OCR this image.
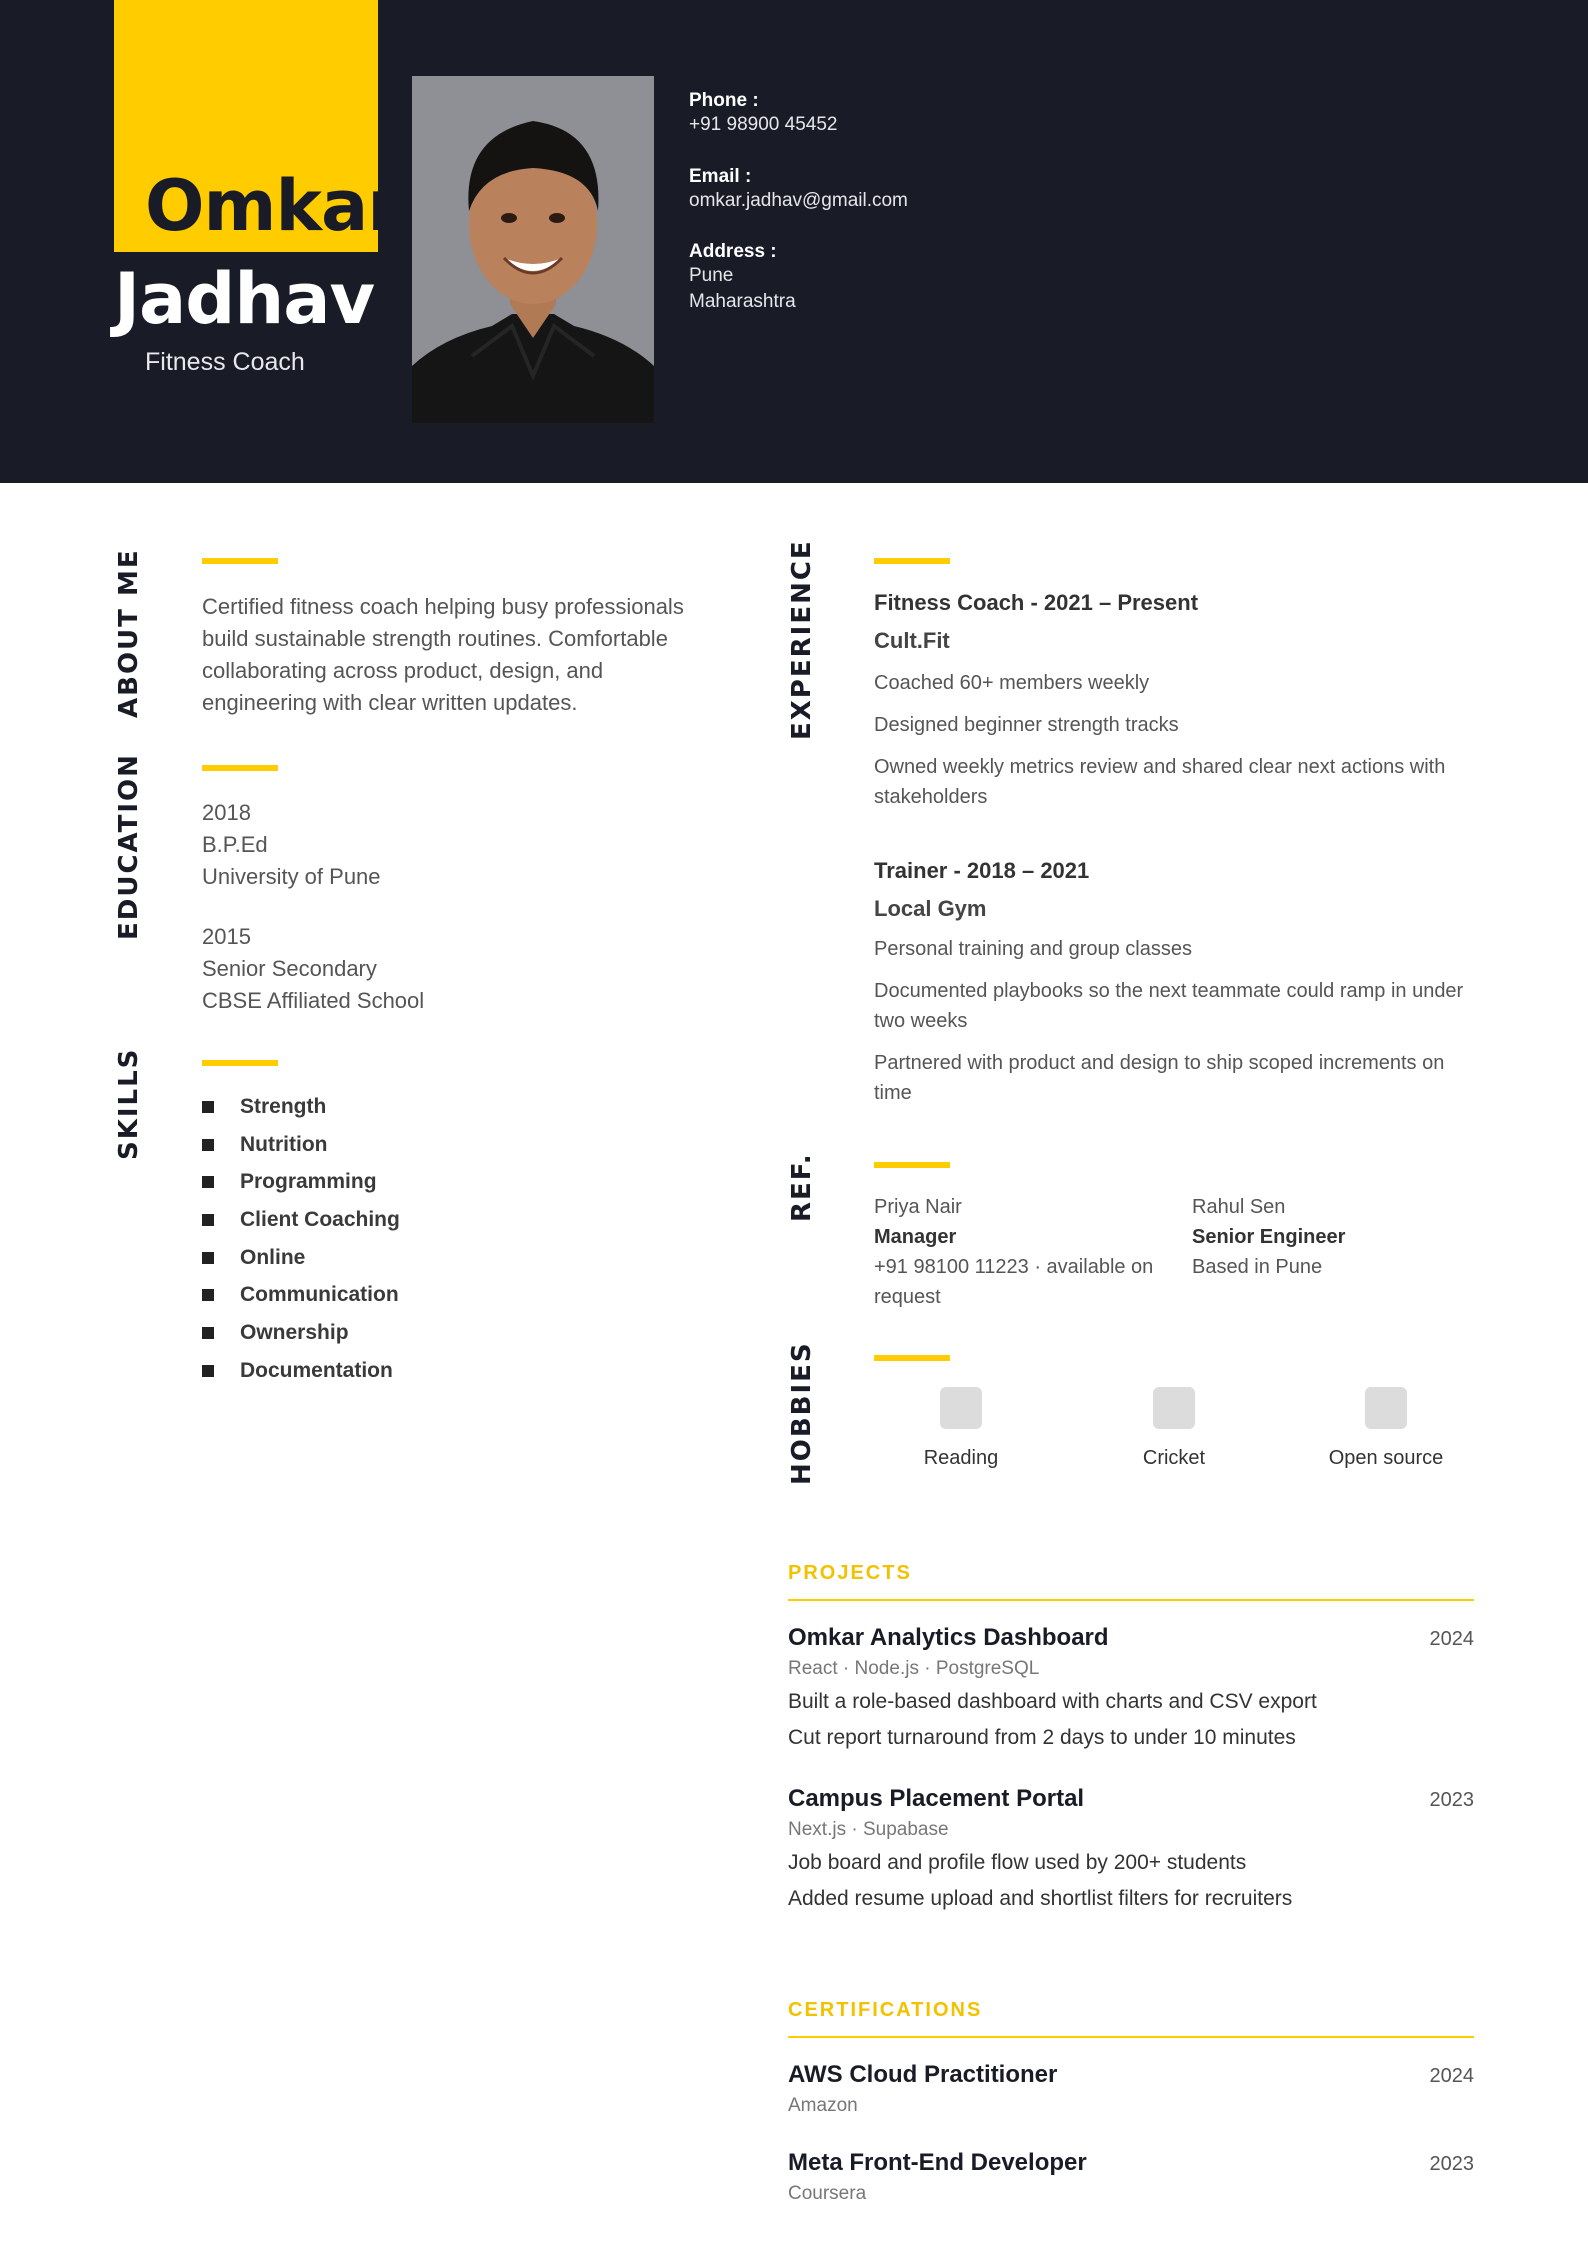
Omkar
Jadhav
Fitness Coach
Phone :
+91 98900 45452
Email :
omkar.jadhav@gmail.com
Address :
Pune
Maharashtra
ABOUT ME	Certified fitness coach helping busy professionals build sustainable strength routines. Comfortable collaborating across product, design, and engineering with clear written updates.
EDUCATION	2018
B.P.Ed
University of Pune
2015
Senior Secondary
CBSE Affiliated School
SKILLS	Strength
Nutrition
Programming
Client Coaching
Online
Communication
Ownership
Documentation
EXPERIENCE	Fitness Coach - 2021 – Present
Cult.Fit
Coached 60+ members weekly
Designed beginner strength tracks
Owned weekly metrics review and shared clear next actions with stakeholders
Trainer - 2018 – 2021
Local Gym
Personal training and group classes
Documented playbooks so the next teammate could ramp in under two weeks
Partnered with product and design to ship scoped increments on time
REF.	Priya Nair
Manager
+91 98100 11223 · available on request
Rahul Sen
Senior Engineer
Based in Pune
HOBBIES	Reading	Cricket	Open source
PROJECTS
Omkar Analytics Dashboard	2024
React · Node.js · PostgreSQL
Built a role-based dashboard with charts and CSV export
Cut report turnaround from 2 days to under 10 minutes
Campus Placement Portal	2023
Next.js · Supabase
Job board and profile flow used by 200+ students
Added resume upload and shortlist filters for recruiters
CERTIFICATIONS
AWS Cloud Practitioner	2024
Amazon
Meta Front-End Developer	2023
Coursera
